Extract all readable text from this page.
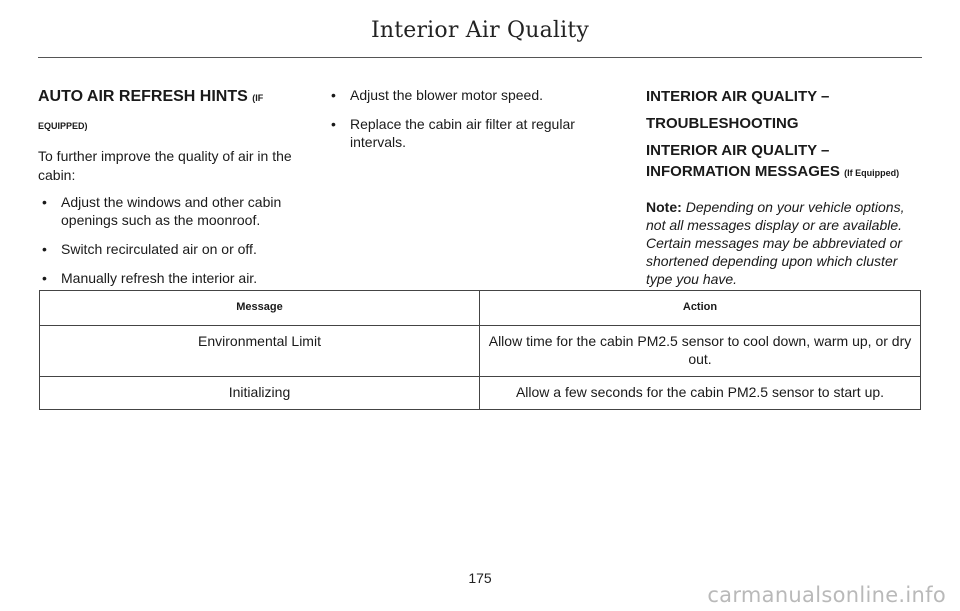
Interior Air Quality
AUTO AIR REFRESH HINTS (IF
EQUIPPED)

To further improve the quality of air in the cabin:

• Adjust the windows and other cabin openings such as the moonroof.
• Switch recirculated air on or off.
• Manually refresh the interior air.
• Adjust the blower motor speed.
• Replace the cabin air filter at regular intervals.
INTERIOR AIR QUALITY –
TROUBLESHOOTING
INTERIOR AIR QUALITY –
INFORMATION MESSAGES (If Equipped)

Note: Depending on your vehicle options, not all messages display or are available. Certain messages may be abbreviated or shortened depending upon which cluster type you have.

Message	Action
Environmental Limit	Allow time for the cabin PM2.5 sensor to cool down, warm up, or dry out.
Initializing	Allow a few seconds for the cabin PM2.5 sensor to start up.
175
carmanualsonline.info
